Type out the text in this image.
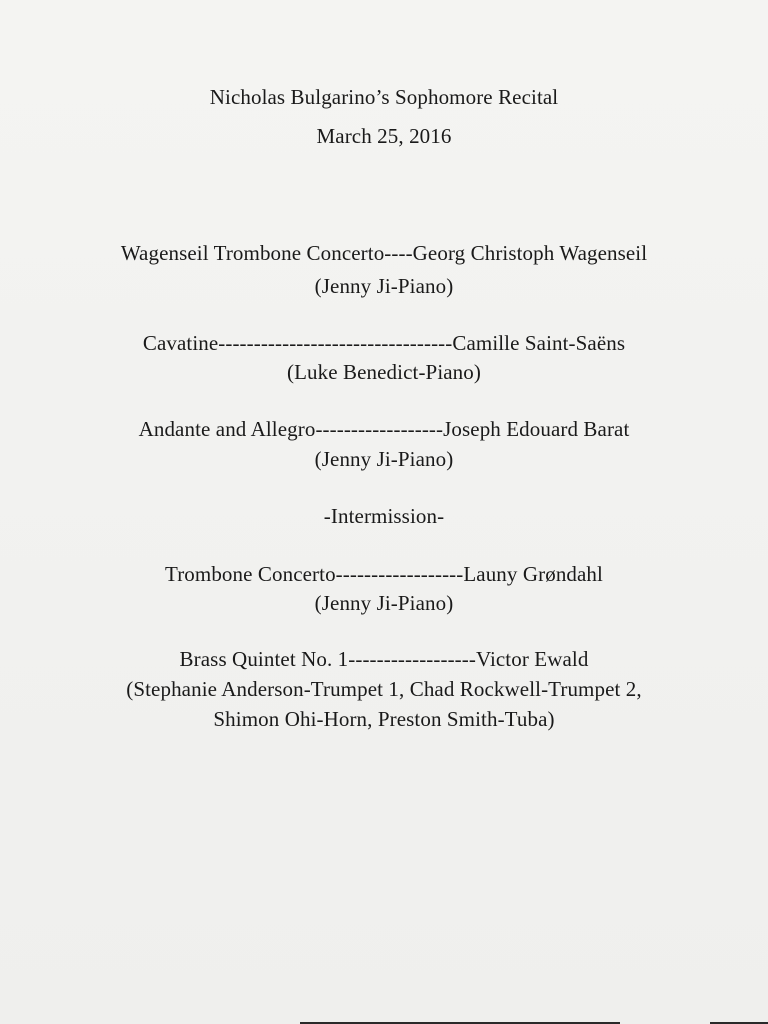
Nicholas Bulgarino’s Sophomore Recital
March 25, 2016
Wagenseil Trombone Concerto----Georg Christoph Wagenseil
(Jenny Ji-Piano)
Cavatine---------------------------------Camille Saint-Saëns
(Luke Benedict-Piano)
Andante and Allegro------------------Joseph Edouard Barat
(Jenny Ji-Piano)
-Intermission-
Trombone Concerto------------------Launy Grøndahl
(Jenny Ji-Piano)
Brass Quintet No. 1------------------Victor Ewald
(Stephanie Anderson-Trumpet 1, Chad Rockwell-Trumpet 2,
Shimon Ohi-Horn, Preston Smith-Tuba)
